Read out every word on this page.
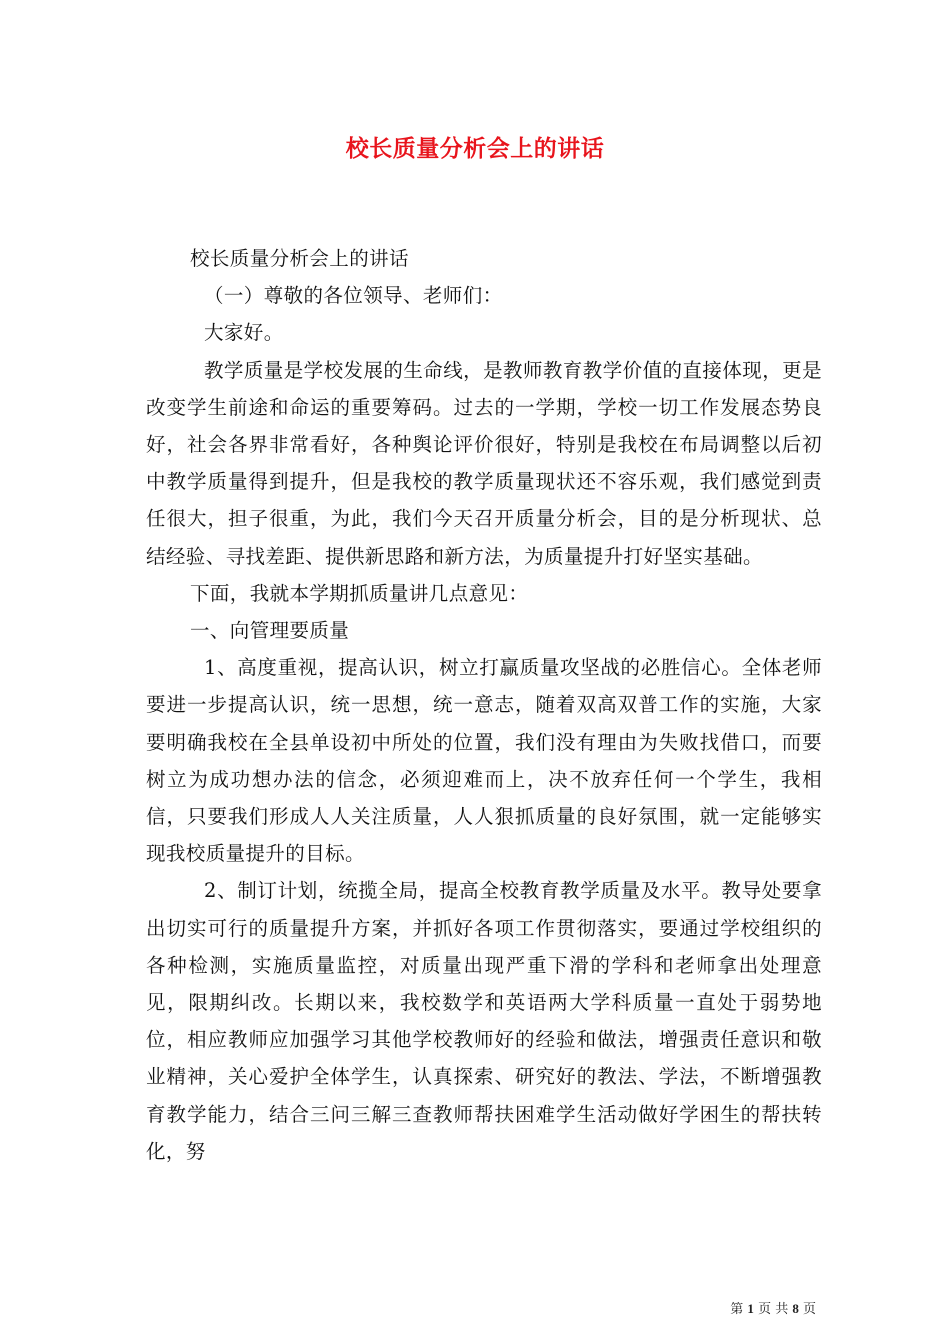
校长质量分析会上的讲话

校长质量分析会上的讲话

（一）尊敬的各位领导、老师们：

大家好。

教学质量是学校发展的生命线，是教师教育教学价值的直接体现，更是改变学生前途和命运的重要筹码。过去的一学期，学校一切工作发展态势良好，社会各界非常看好，各种舆论评价很好，特别是我校在布局调整以后初中教学质量得到提升，但是我校的教学质量现状还不容乐观，我们感觉到责任很大，担子很重，为此，我们今天召开质量分析会，目的是分析现状、总结经验、寻找差距、提供新思路和新方法，为质量提升打好坚实基础。

下面，我就本学期抓质量讲几点意见：

一、向管理要质量

1、高度重视，提高认识，树立打赢质量攻坚战的必胜信心。全体老师要进一步提高认识，统一思想，统一意志，随着双高双普工作的实施，大家要明确我校在全县单设初中所处的位置，我们没有理由为失败找借口，而要树立为成功想办法的信念，必须迎难而上，决不放弃任何一个学生，我相信，只要我们形成人人关注质量，人人狠抓质量的良好氛围，就一定能够实现我校质量提升的目标。

2、制订计划，统揽全局，提高全校教育教学质量及水平。教导处要拿出切实可行的质量提升方案，并抓好各项工作贯彻落实，要通过学校组织的各种检测，实施质量监控，对质量出现严重下滑的学科和老师拿出处理意见，限期纠改。长期以来，我校数学和英语两大学科质量一直处于弱势地位，相应教师应加强学习其他学校教师好的经验和做法，增强责任意识和敬业精神，关心爱护全体学生，认真探索、研究好的教法、学法，不断增强教育教学能力，结合三问三解三查教师帮扶困难学生活动做好学困生的帮扶转化，努

第 1 页 共 8 页
